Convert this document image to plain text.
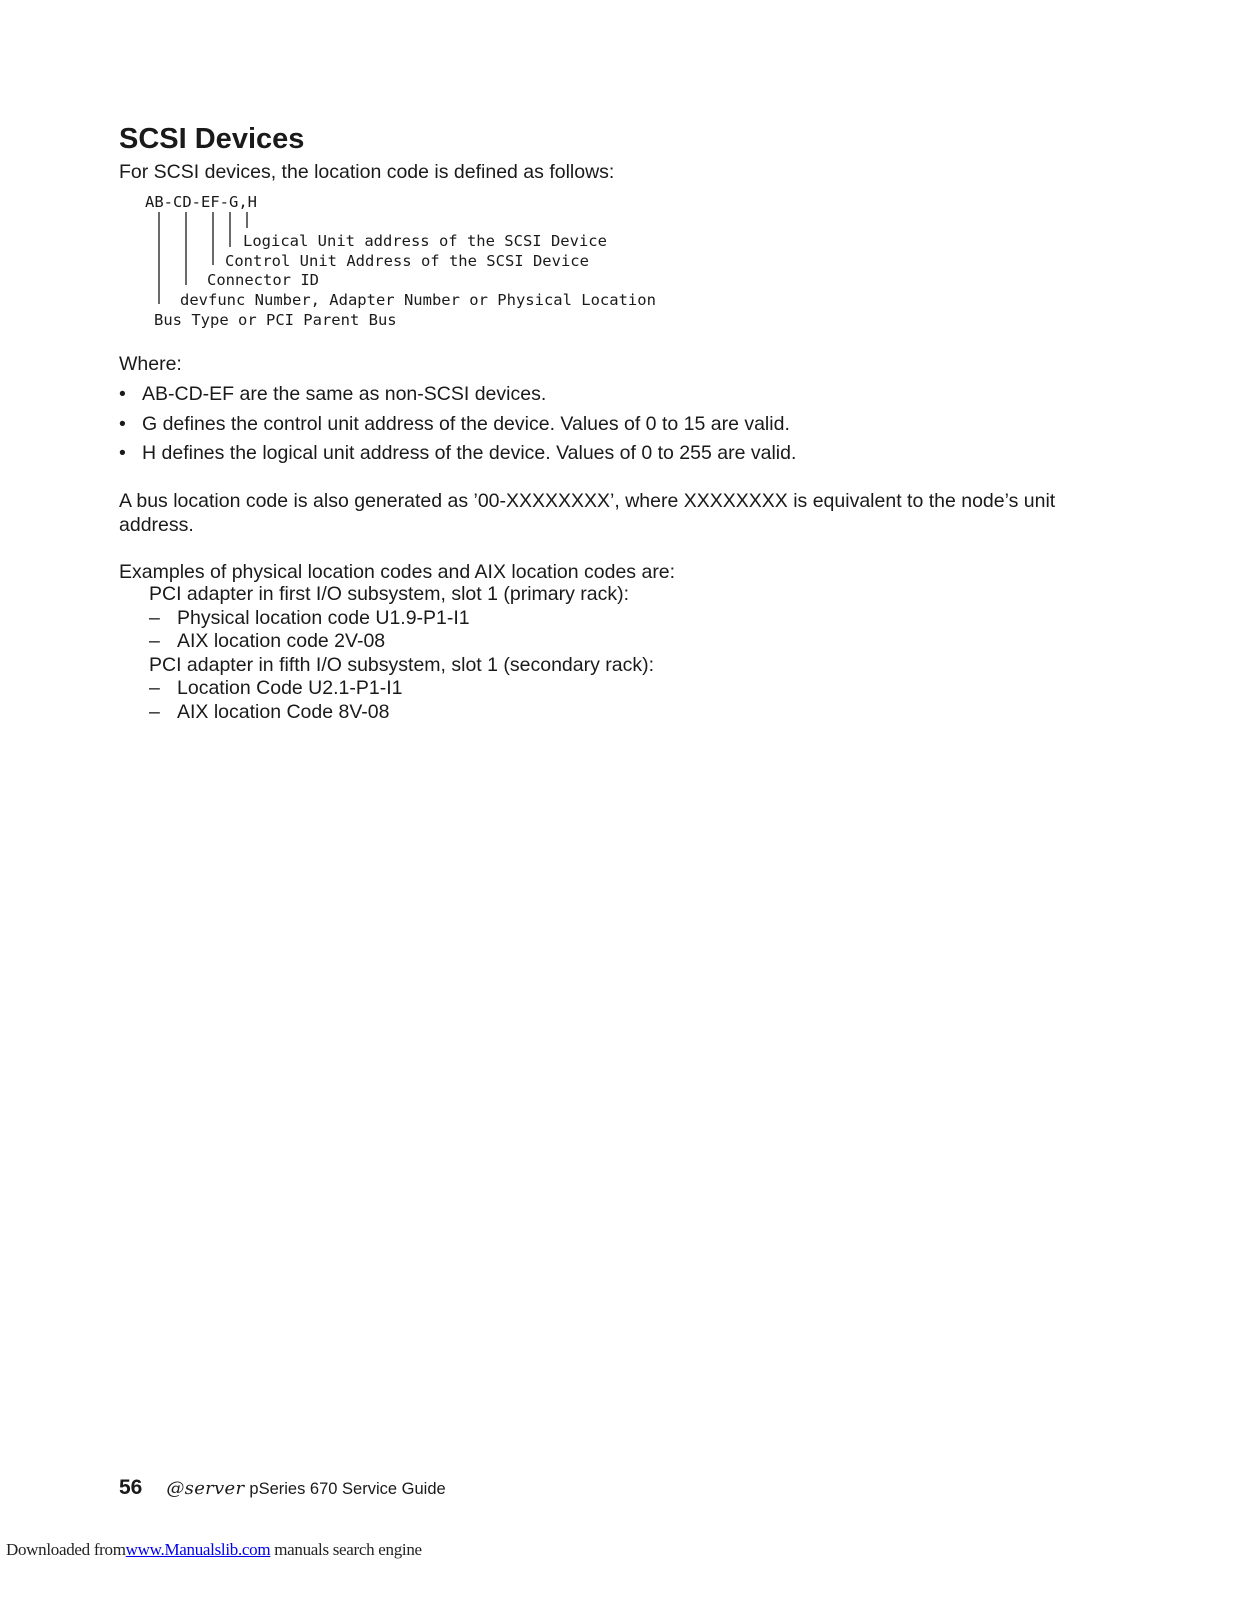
SCSI Devices

For SCSI devices, the location code is defined as follows:

AB-CD-EF-G,H
Logical Unit address of the SCSI Device
Control Unit Address of the SCSI Device
Connector ID
devfunc Number, Adapter Number or Physical Location
Bus Type or PCI Parent Bus

Where:

• AB-CD-EF are the same as non-SCSI devices.
• G defines the control unit address of the device. Values of 0 to 15 are valid.
• H defines the logical unit address of the device. Values of 0 to 255 are valid.

A bus location code is also generated as ’00-XXXXXXXX’, where XXXXXXXX is equivalent to the node’s unit address.

Examples of physical location codes and AIX location codes are:

PCI adapter in first I/O subsystem, slot 1 (primary rack):
– Physical location code U1.9-P1-I1
– AIX location code 2V-08
PCI adapter in fifth I/O subsystem, slot 1 (secondary rack):
– Location Code U2.1-P1-I1
– AIX location Code 8V-08
56 @server pSeries 670 Service Guide
Downloaded fromwww.Manualslib.com manuals search engine
